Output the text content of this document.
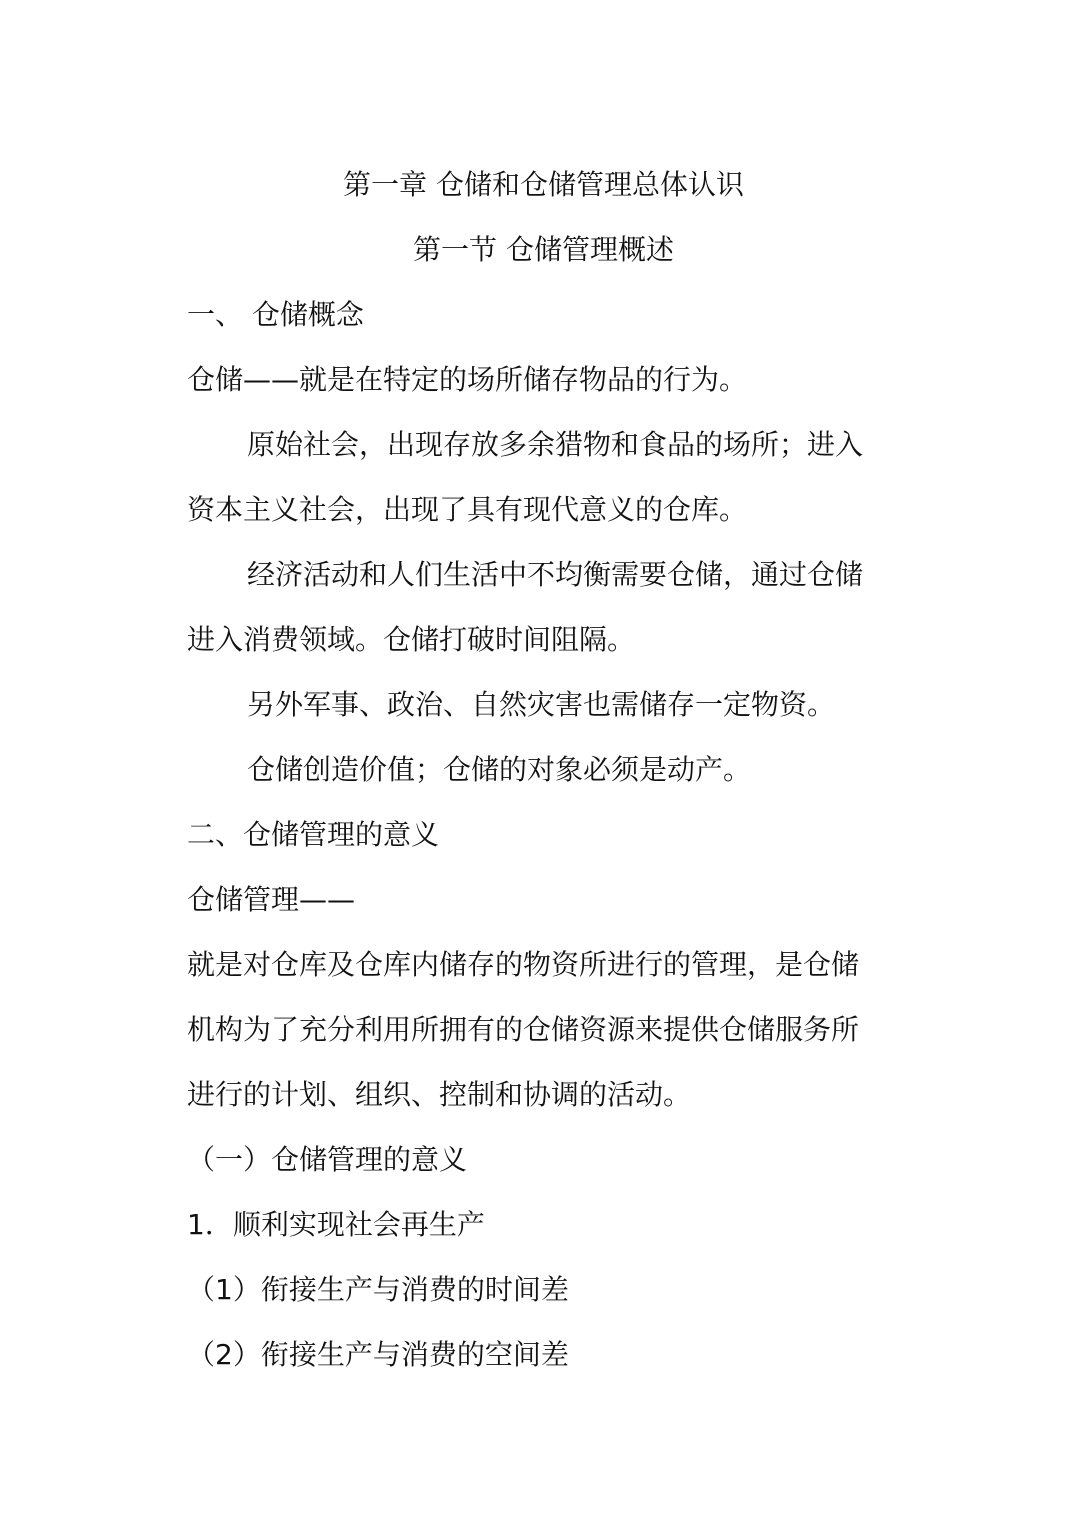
第一章 仓储和仓储管理总体认识
第一节 仓储管理概述
一、 仓储概念
仓储——就是在特定的场所储存物品的行为。
原始社会，出现存放多余猎物和食品的场所；进入
资本主义社会，出现了具有现代意义的仓库。
经济活动和人们生活中不均衡需要仓储，通过仓储
进入消费领域。仓储打破时间阻隔。
另外军事、政治、自然灾害也需储存一定物资。
仓储创造价值；仓储的对象必须是动产。
二、仓储管理的意义
仓储管理——
就是对仓库及仓库内储存的物资所进行的管理，是仓储
机构为了充分利用所拥有的仓储资源来提供仓储服务所
进行的计划、组织、控制和协调的活动。
（一）仓储管理的意义
1．顺利实现社会再生产
（1）衔接生产与消费的时间差
（2）衔接生产与消费的空间差
